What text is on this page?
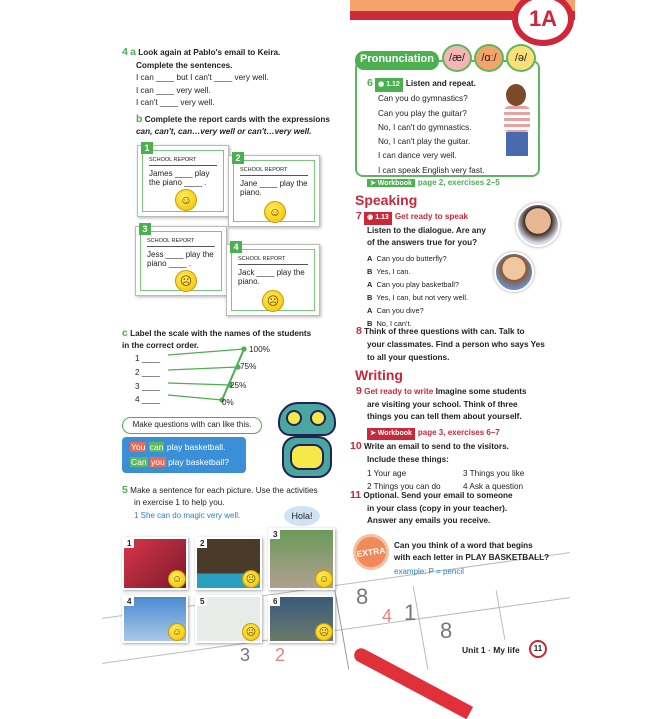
8
1
8
4
3 2
1A
4 a Look again at Pablo's email to Keira.
Complete the sentences.
I can ____ but I can't ____ very well.
I can ____ very well.
I can't ____ very well.
b Complete the report cards with the expressions
can, can't, can…very well or can't…very well.
1
SCHOOL REPORT
James ____ play the piano ____ .
☺
2
SCHOOL REPORT
Jane ____ play the piano.
☺
3
SCHOOL REPORT
Jess ____ play the piano ____ .
☹
4
SCHOOL REPORT
Jack ____ play the piano.
☹
c Label the scale with the names of the students
in the correct order.
1 ____
2 ____
3 ____
4 ____
100%
75%
25%
0%
Make questions with can like this.
You can play basketball.
Can you play basketball?
5 Make a sentence for each picture. Use the activities
in exercise 1 to help you.
1 She can do magic very well.	Hola!
1
☺
2
☹
3
☺
4
☺
5
☹
6
☹
Pronunciation	/æ/	/ɑː/	/ə/
6 ◉ 1.12 Listen and repeat.
Can you do gymnastics?
Can you play the guitar?
No, I can't do gymnastics.
No, I can't play the guitar.
I can dance very well.
I can speak English very fast.
➤ Workbook page 2, exercises 2–5
Speaking
7 ◉ 1.13 Get ready to speak
Listen to the dialogue. Are any
of the answers true for you?
A Can you do butterfly?
B Yes, I can.
A Can you play basketball?
B Yes, I can, but not very well.
A Can you dive?
B No, I can't.
8 Think of three questions with can. Talk to
your classmates. Find a person who says Yes
to all your questions.
Writing
9 Get ready to write Imagine some students
are visiting your school. Think of three
things you can tell them about yourself.
➤ Workbook page 3, exercises 6–7
10 Write an email to send to the visitors.
Include these things:
1 Your age	3 Things you like
2 Things you can do	4 Ask a question
11 Optional. Send your email to someone
in your class (copy in your teacher).
Answer any emails you receive.
EXTRA Can you think of a word that begins
with each letter in PLAY BASKETBALL?
example: P = pencil
Unit 1 · My life	11
